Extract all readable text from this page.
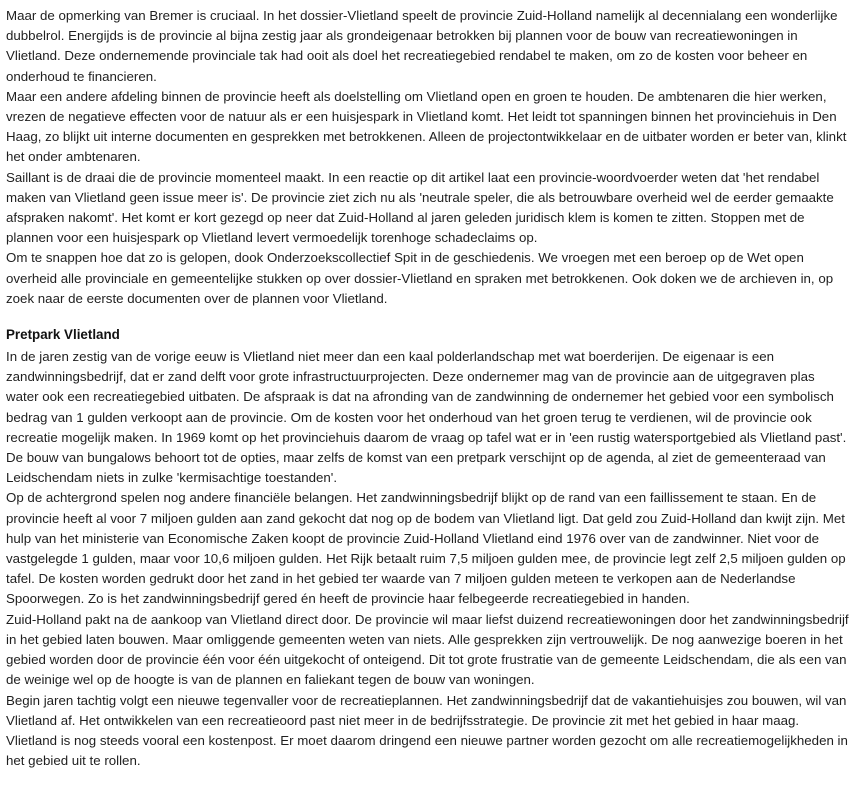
Maar de opmerking van Bremer is cruciaal. In het dossier-Vlietland speelt de provincie Zuid-Holland namelijk al decennialang een wonderlijke dubbelrol. Energijds is de provincie al bijna zestig jaar als grondeigenaar betrokken bij plannen voor de bouw van recreatiewoningen in Vlietland. Deze ondernemende provinciale tak had ooit als doel het recreatiegebied rendabel te maken, om zo de kosten voor beheer en onderhoud te financieren.

Maar een andere afdeling binnen de provincie heeft als doelstelling om Vlietland open en groen te houden. De ambtenaren die hier werken, vrezen de negatieve effecten voor de natuur als er een huisjespark in Vlietland komt. Het leidt tot spanningen binnen het provinciehuis in Den Haag, zo blijkt uit interne documenten en gesprekken met betrokkenen. Alleen de projectontwikkelaar en de uitbater worden er beter van, klinkt het onder ambtenaren.

Saillant is de draai die de provincie momenteel maakt. In een reactie op dit artikel laat een provincie-woordvoerder weten dat 'het rendabel maken van Vlietland geen issue meer is'. De provincie ziet zich nu als 'neutrale speler, die als betrouwbare overheid wel de eerder gemaakte afspraken nakomt'. Het komt er kort gezegd op neer dat Zuid-Holland al jaren geleden juridisch klem is komen te zitten. Stoppen met de plannen voor een huisjespark op Vlietland levert vermoedelijk torenhoge schadeclaims op.

Om te snappen hoe dat zo is gelopen, dook Onderzoekscollectief Spit in de geschiedenis. We vroegen met een beroep op de Wet open overheid alle provinciale en gemeentelijke stukken op over dossier-Vlietland en spraken met betrokkenen. Ook doken we de archieven in, op zoek naar de eerste documenten over de plannen voor Vlietland.

Pretpark Vlietland

In de jaren zestig van de vorige eeuw is Vlietland niet meer dan een kaal polderlandschap met wat boerderijen. De eigenaar is een zandwinningsbedrijf, dat er zand delft voor grote infrastructuurprojecten. Deze ondernemer mag van de provincie aan de uitgegraven plas water ook een recreatiegebied uitbaten. De afspraak is dat na afronding van de zandwinning de ondernemer het gebied voor een symbolisch bedrag van 1 gulden verkoopt aan de provincie. Om de kosten voor het onderhoud van het groen terug te verdienen, wil de provincie ook recreatie mogelijk maken. In 1969 komt op het provinciehuis daarom de vraag op tafel wat er in 'een rustig watersportgebied als Vlietland past'. De bouw van bungalows behoort tot de opties, maar zelfs de komst van een pretpark verschijnt op de agenda, al ziet de gemeenteraad van Leidschendam niets in zulke 'kermisachtige toestanden'.

Op de achtergrond spelen nog andere financiële belangen. Het zandwinningsbedrijf blijkt op de rand van een faillissement te staan. En de provincie heeft al voor 7 miljoen gulden aan zand gekocht dat nog op de bodem van Vlietland ligt. Dat geld zou Zuid-Holland dan kwijt zijn. Met hulp van het ministerie van Economische Zaken koopt de provincie Zuid-Holland Vlietland eind 1976 over van de zandwinner. Niet voor de vastgelegde 1 gulden, maar voor 10,6 miljoen gulden. Het Rijk betaalt ruim 7,5 miljoen gulden mee, de provincie legt zelf 2,5 miljoen gulden op tafel. De kosten worden gedrukt door het zand in het gebied ter waarde van 7 miljoen gulden meteen te verkopen aan de Nederlandse Spoorwegen. Zo is het zandwinningsbedrijf gered én heeft de provincie haar felbegeerde recreatiegebied in handen.

Zuid-Holland pakt na de aankoop van Vlietland direct door. De provincie wil maar liefst duizend recreatiewoningen door het zandwinningsbedrijf in het gebied laten bouwen. Maar omliggende gemeenten weten van niets. Alle gesprekken zijn vertrouwelijk. De nog aanwezige boeren in het gebied worden door de provincie één voor één uitgekocht of onteigend. Dit tot grote frustratie van de gemeente Leidschendam, die als een van de weinige wel op de hoogte is van de plannen en faliekant tegen de bouw van woningen.

Begin jaren tachtig volgt een nieuwe tegenvaller voor de recreatieplannen. Het zandwinningsbedrijf dat de vakantiehuisjes zou bouwen, wil van Vlietland af. Het ontwikkelen van een recreatieoord past niet meer in de bedrijfsstrategie. De provincie zit met het gebied in haar maag. Vlietland is nog steeds vooral een kostenpost. Er moet daarom dringend een nieuwe partner worden gezocht om alle recreatiemogelijkheden in het gebied uit te rollen.
